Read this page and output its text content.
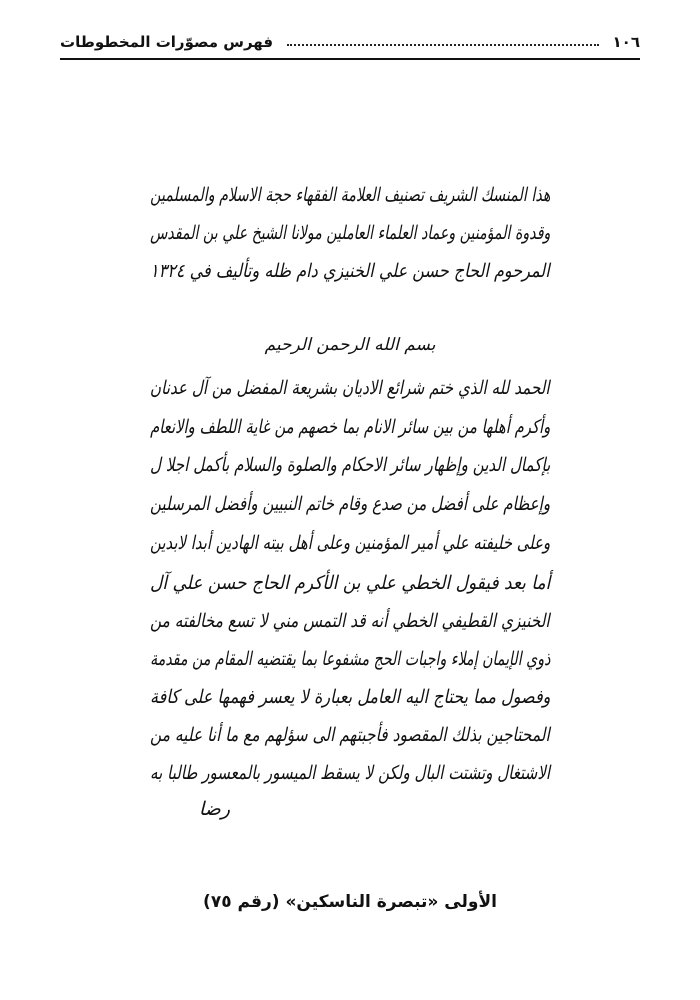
١٠٦
فهرس مصوّرات المخطوطات
هذا المنسك الشريف تصنيف العلامة الفقهاء حجة الاسلام والمسلمين
وقدوة المؤمنين وعماد العلماء العاملين مولانا الشيخ علي بن المقدس
المرحوم الحاج حسن علي الخنيزي دام ظله وتأليف في ١٣٢٤
بسم الله الرحمن الرحيم
الحمد لله الذي ختم شرائع الاديان بشريعة المفضل من آل عدنان
وأكرم أهلها من بين سائر الانام بما خصهم من غاية اللطف والانعام
بإكمال الدين وإظهار سائر الاحكام والصلوة والسلام بأكمل اجلا ل
وإعظام على أفضل من صدع وقام خاتم النبيين وأفضل المرسلين
وعلى خليفته علي أمير المؤمنين وعلى أهل بيته الهادين أبدا لابدين
أما بعد فيقول الخطي علي بن الأكرم الحاج حسن علي آل
الخنيزي القطيفي الخطي أنه قد التمس مني لا تسع مخالفته من
ذوي الإيمان إملاء واجبات الحج مشفوعا بما يقتضيه المقام من مقدمة
وفصول مما يحتاج اليه العامل بعبارة لا يعسر فهمها على كافة
المحتاجين بذلك المقصود فأجبتهم الى سؤلهم مع ما أنا عليه من
الاشتغال وتشتت البال ولكن لا يسقط الميسور بالمعسور طالبا به
رضا
الأولى «تبصرة الناسكين» (رقم ٧٥)
